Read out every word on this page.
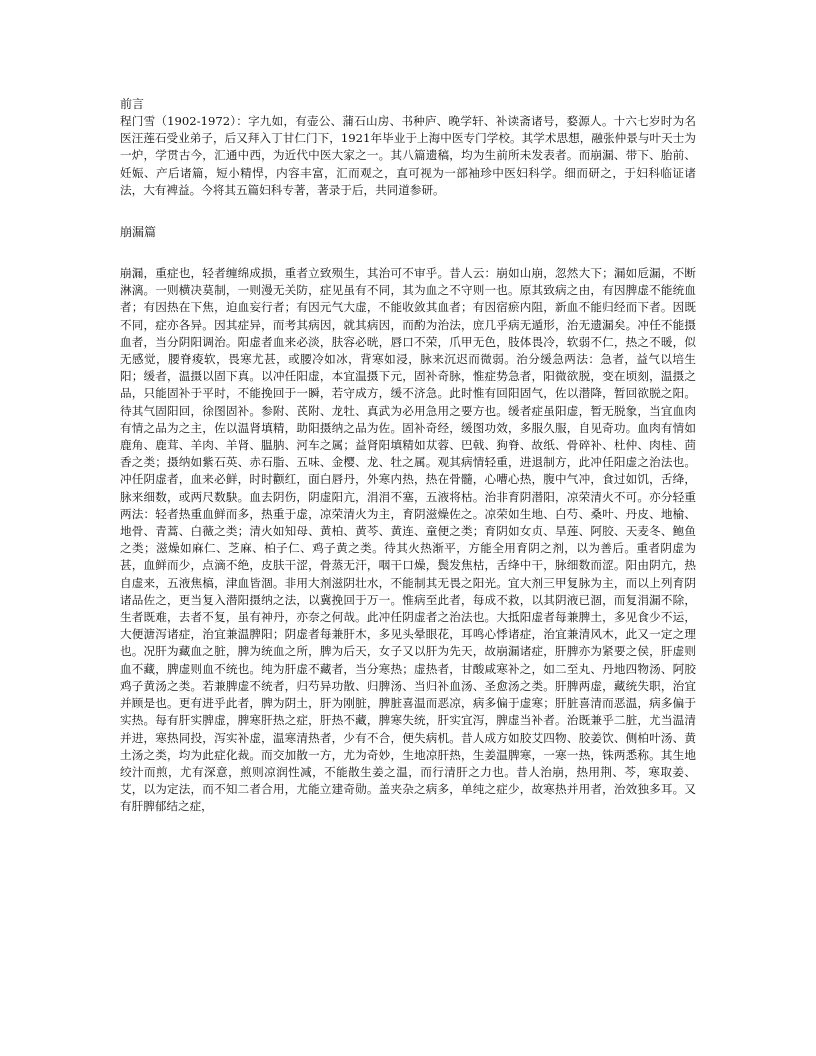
前言

程门雪（1902-1972）：字九如，有壶公、蒲石山房、书种庐、晚学轩、补读斋诸号，婺源人。十六七岁时为名医汪莲石受业弟子，后又拜入丁甘仁门下，1921年毕业于上海中医专门学校。其学术思想，融张仲景与叶天士为一炉，学贯古今，汇通中西，为近代中医大家之一。其八篇遗稿，均为生前所未发表者。而崩漏、带下、胎前、妊娠、产后诸篇，短小精悍，内容丰富，汇而观之，直可视为一部袖珍中医妇科学。细而研之，于妇科临证诸法，大有裨益。今将其五篇妇科专著，著录于后，共同道参研。

崩漏篇

崩漏，重症也，轻者缠绵成损，重者立致殒生，其治可不审乎。昔人云：崩如山崩，忽然大下；漏如卮漏，不断淋漓。一则横决莫制，一则漫无关防，症见虽有不同，其为血之不守则一也。原其致病之由，有因脾虚不能统血者；有因热在下焦，迫血妄行者；有因元气大虚，不能收敛其血者；有因宿瘀内阻，新血不能归经而下者。因既不同，症亦各异。因其症异，而考其病因，就其病因，而酌为治法，庶几乎病无遁形，治无遗漏矣。冲任不能摄血者，当分阴阳调治。阳虚者血来必淡，肤容必晄，唇口不荣，爪甲无色，肢体畏冷，软弱不仁，热之不暖，似无感觉，腰脊痠软，畏寒尤甚，或腰冷如冰，背寒如浸，脉来沉迟而微弱。治分缓急两法：急者，益气以培生阳；缓者，温摄以固下真。以冲任阳虚，本宜温摄下元，固补奇脉，惟症势急者，阳微欲脱，变在顷刻，温摄之品，只能固补于平时，不能挽回于一瞬，若守成方，缓不济急。此时惟有回阳固气，佐以潜降，暂回欲脱之阳。待其气固阳回，徐图固补。参附、芪附、龙牡、真武为必用急用之要方也。缓者症虽阳虚，暂无脱象，当宜血肉有情之品为之主，佐以温肾填精，助阳摄纳之品为佐。固补奇经，缓图功效，多服久服，自见奇功。血肉有情如鹿角、鹿茸、羊肉、羊肾、腽肭、河车之属；益肾阳填精如苁蓉、巴戟、狗脊、故纸、骨碎补、杜仲、肉桂、茴香之类；摄纳如紫石英、赤石脂、五味、金樱、龙、牡之属。观其病情轻重，进退制方，此冲任阳虚之治法也。冲任阴虚者，血来必鲜，时时颧红，面白唇丹，外寒内热，热在骨髓，心嘈心热，腹中气冲，食过如饥，舌绛，脉来细数，或两尺数駃。血去阴伤，阴虚阳亢，涓涓不塞，五液将枯。治非育阴潜阳，凉荣清火不可。亦分轻重两法：轻者热重血鲜而多，热重于虚，凉荣清火为主，育阴滋燥佐之。凉荣如生地、白芍、桑叶、丹皮、地榆、地骨、青蒿、白薇之类；清火如知母、黄柏、黄芩、黄连、童便之类；育阴如女贞、旱莲、阿胶、天麦冬、鲍鱼之类；滋燥如麻仁、芝麻、柏子仁、鸡子黄之类。待其火热渐平，方能全用育阴之剂，以为善后。重者阴虚为甚，血鲜而少，点滴不绝，皮肤干涩，骨蒸无汗，咽干口燥，鬓发焦枯，舌绛中干，脉细数而涩。阳由阴亢，热自虚来，五液焦槁，津血皆涸。非用大剂滋阴壮水，不能制其无畏之阳光。宜大剂三甲复脉为主，而以上列育阴诸品佐之，更当复入潜阳摄纳之法，以冀挽回于万一。惟病至此者，每成不救，以其阴液已涸，而复涓漏不除，生者既难，去者不复，虽有神丹，亦奈之何哉。此冲任阴虚者之治法也。大抵阳虚者每兼脾土，多见食少不运，大便溏泻诸症，治宜兼温脾阳；阴虚者每兼肝木，多见头晕眼花，耳鸣心悸诸症，治宜兼清风木，此又一定之理也。况肝为藏血之脏，脾为统血之所，脾为后天，女子又以肝为先天，故崩漏诸症，肝脾亦为紧要之侯，肝虚则血不藏，脾虚则血不统也。纯为肝虚不藏者，当分寒热；虚热者，甘酸咸寒补之，如二至丸、丹地四物汤、阿胶鸡子黄汤之类。若兼脾虚不统者，归芍异功散、归脾汤、当归补血汤、圣愈汤之类。肝脾两虚，藏统失职，治宜并顾是也。更有进乎此者，脾为阴土，肝为刚脏，脾脏喜温而恶凉，病多偏于虚寒；肝脏喜清而恶温，病多偏于实热。每有肝实脾虚，脾寒肝热之症，肝热不藏，脾寒失统，肝实宜泻，脾虚当补者。治既兼乎二脏，尤当温清并进，寒热同投，泻实补虚，温寒清热者，少有不合，便失病机。昔人成方如胶艾四物、胶姜饮、侧柏叶汤、黄土汤之类，均为此症化裁。而交加散一方，尤为奇妙，生地凉肝热，生姜温脾寒，一寒一热，铢两悉称。其生地绞汁而煎，尤有深意，煎则凉润性减，不能散生姜之温，而行清肝之力也。昔人治崩，热用荆、芩，寒取姜、艾，以为定法，而不知二者合用，尤能立建奇勋。盖夹杂之病多，单纯之症少，故寒热并用者，治效独多耳。又有肝脾郁结之症，
